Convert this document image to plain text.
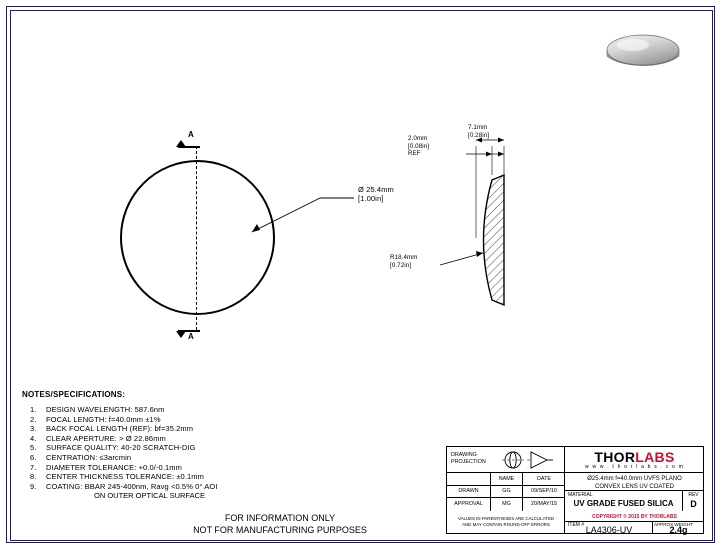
A
A
Ø 25.4mm
[1.00in]
7.1mm
[0.28in]
2.0mm
[0.08in]
REF
R18.4mm
[0.72in]
NOTES/SPECIFICATIONS:
1.	DESIGN WAVELENGTH: 587.6nm
2.	FOCAL LENGTH: f=40.0mm ±1%
3.	BACK FOCAL LENGTH (REF): bf=35.2mm
4.	CLEAR APERTURE: > Ø 22.86mm
5.	SURFACE QUALITY: 40-20 SCRATCH-DIG
6.	CENTRATION: ≤3arcmin
7.	DIAMETER TOLERANCE: +0.0/-0.1mm
8.	CENTER THICKNESS TOLERANCE: ±0.1mm
9.	COATING: BBAR 245-400nm, Ravg <0.5% 0° AOI
ON OUTER OPTICAL SURFACE
FOR INFORMATION ONLY
NOT FOR MANUFACTURING PURPOSES
DRAWING
PROJECTION
NAME	DATE
DRAWN	GG	09/SEP/10
APPROVAL	MG	20/MAY/15
THORLABS
w w w . t h o r l a b s . c o m
Ø25.4mm f=40.0mm UVFS PLANO
CONVEX LENS UV COATED
MATERIAL
UV GRADE FUSED SILICA
REV
D
COPYRIGHT © 2015 BY THORLABS
VALUES IN PARENTHESES ARE CALCULATED
AND MAY CONTAIN ROUND-OFF ERRORS	ITEM # LA4306-UV
APPROX WEIGHT
2.4g
